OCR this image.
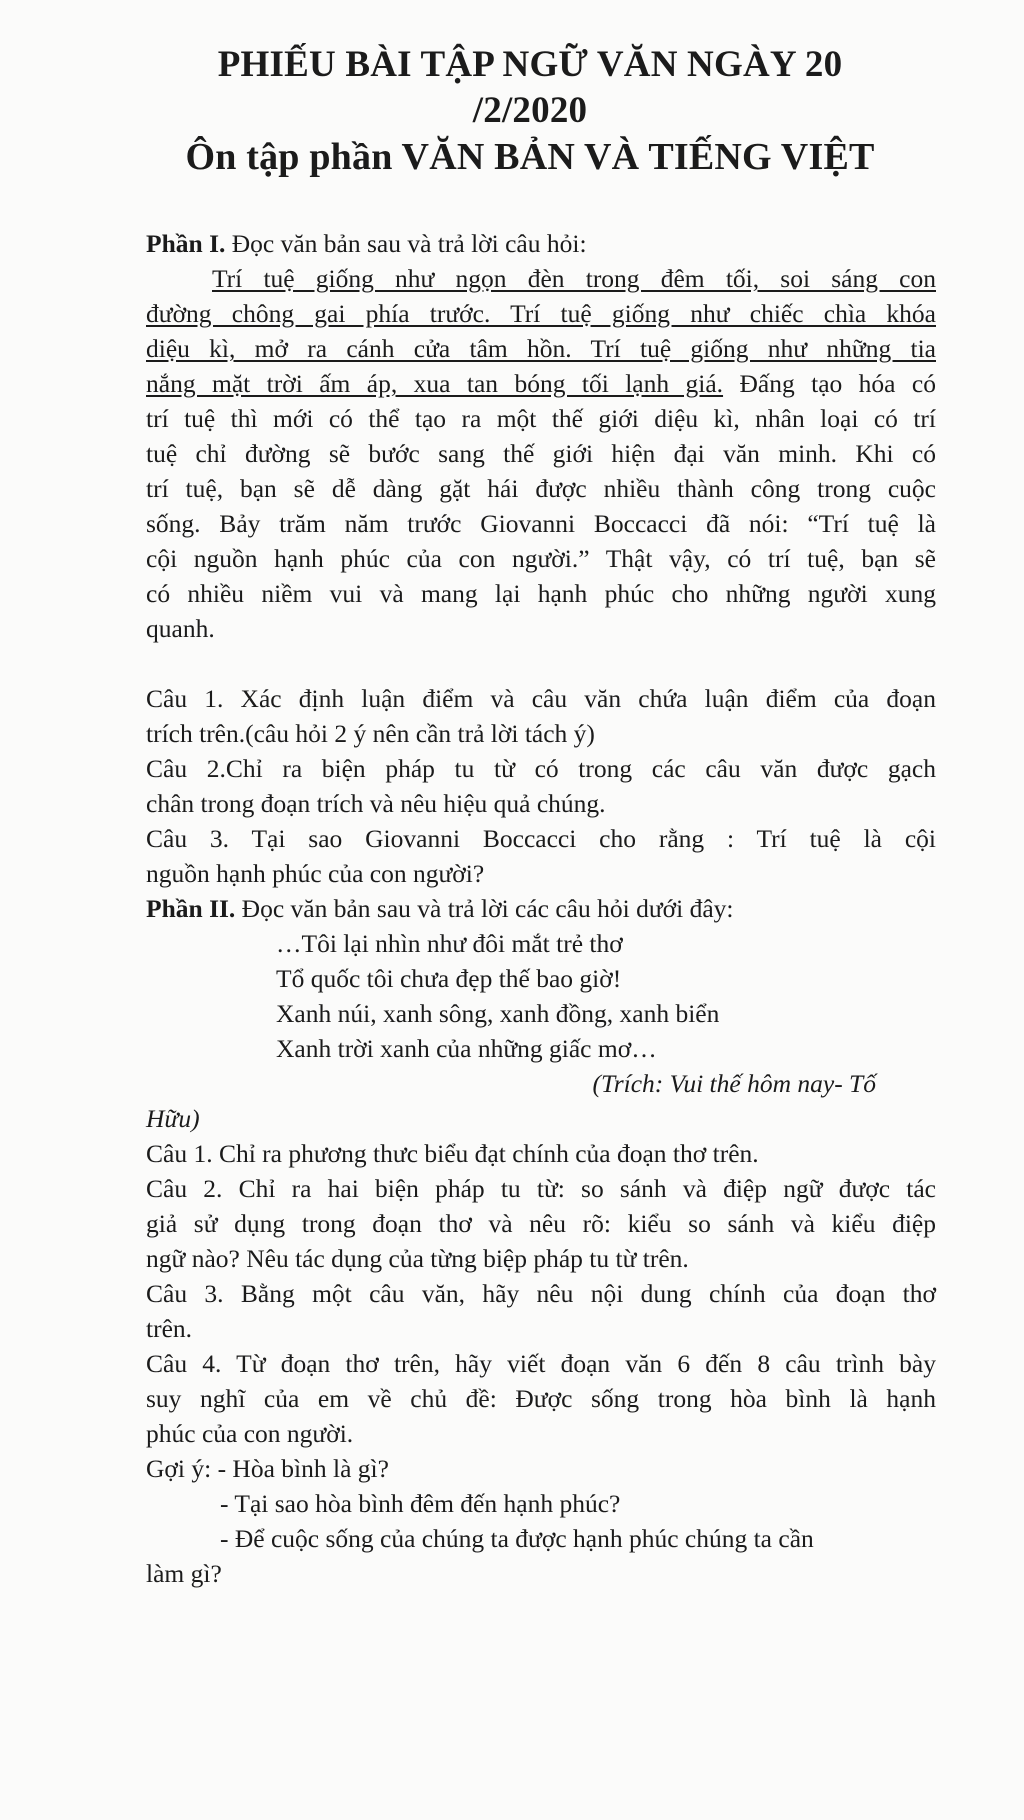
PHIẾU BÀI TẬP NGỮ VĂN NGÀY 20
/2/2020
Ôn tập phần VĂN BẢN VÀ TIẾNG VIỆT
Phần I. Đọc văn bản sau và trả lời câu hỏi:
Trí tuệ giống như ngọn đèn trong đêm tối, soi sáng con
đường chông gai phía trước. Trí tuệ giống như chiếc chìa khóa
diệu kì, mở ra cánh cửa tâm hồn. Trí tuệ giống như những tia
nắng mặt trời ấm áp, xua tan bóng tối lạnh giá. Đấng tạo hóa có
trí tuệ thì mới có thể tạo ra một thế giới diệu kì, nhân loại có trí
tuệ chỉ đường sẽ bước sang thế giới hiện đại văn minh. Khi có
trí tuệ, bạn sẽ dễ dàng gặt hái được nhiều thành công trong cuộc
sống. Bảy trăm năm trước Giovanni Boccacci đã nói: “Trí tuệ là
cội nguồn hạnh phúc của con người.” Thật vậy, có trí tuệ, bạn sẽ
có nhiều niềm vui và mang lại hạnh phúc cho những người xung
quanh.
Câu 1. Xác định luận điểm và câu văn chứa luận điểm của đoạn
trích trên.(câu hỏi 2 ý nên cần trả lời tách ý)
Câu 2.Chỉ ra biện pháp tu từ có trong các câu văn được gạch
chân trong đoạn trích và nêu hiệu quả chúng.
Câu 3. Tại sao Giovanni Boccacci cho rằng : Trí tuệ là cội
nguồn hạnh phúc của con người?
Phần II. Đọc văn bản sau và trả lời các câu hỏi dưới đây:
…Tôi lại nhìn như đôi mắt trẻ thơ
Tổ quốc tôi chưa đẹp thế bao giờ!
Xanh núi, xanh sông, xanh đồng, xanh biển
Xanh trời xanh của những giấc mơ…
(Trích: Vui thế hôm nay- Tố
Hữu)
Câu 1. Chỉ ra phương thưc biểu đạt chính của đoạn thơ trên.
Câu 2. Chỉ ra hai biện pháp tu từ: so sánh và điệp ngữ được tác
giả sử dụng trong đoạn thơ và nêu rõ: kiểu so sánh và kiểu điệp
ngữ nào? Nêu tác dụng của từng biệp pháp tu từ trên.
Câu 3. Bằng một câu văn, hãy nêu nội dung chính của đoạn thơ
trên.
Câu 4. Từ đoạn thơ trên, hãy viết đoạn văn 6 đến 8 câu trình bày
suy nghĩ của em về chủ đề: Được sống trong hòa bình là hạnh
phúc của con người.
Gợi ý: - Hòa bình là gì?
- Tại sao hòa bình đêm đến hạnh phúc?
- Để cuộc sống của chúng ta được hạnh phúc chúng ta cần
làm gì?
